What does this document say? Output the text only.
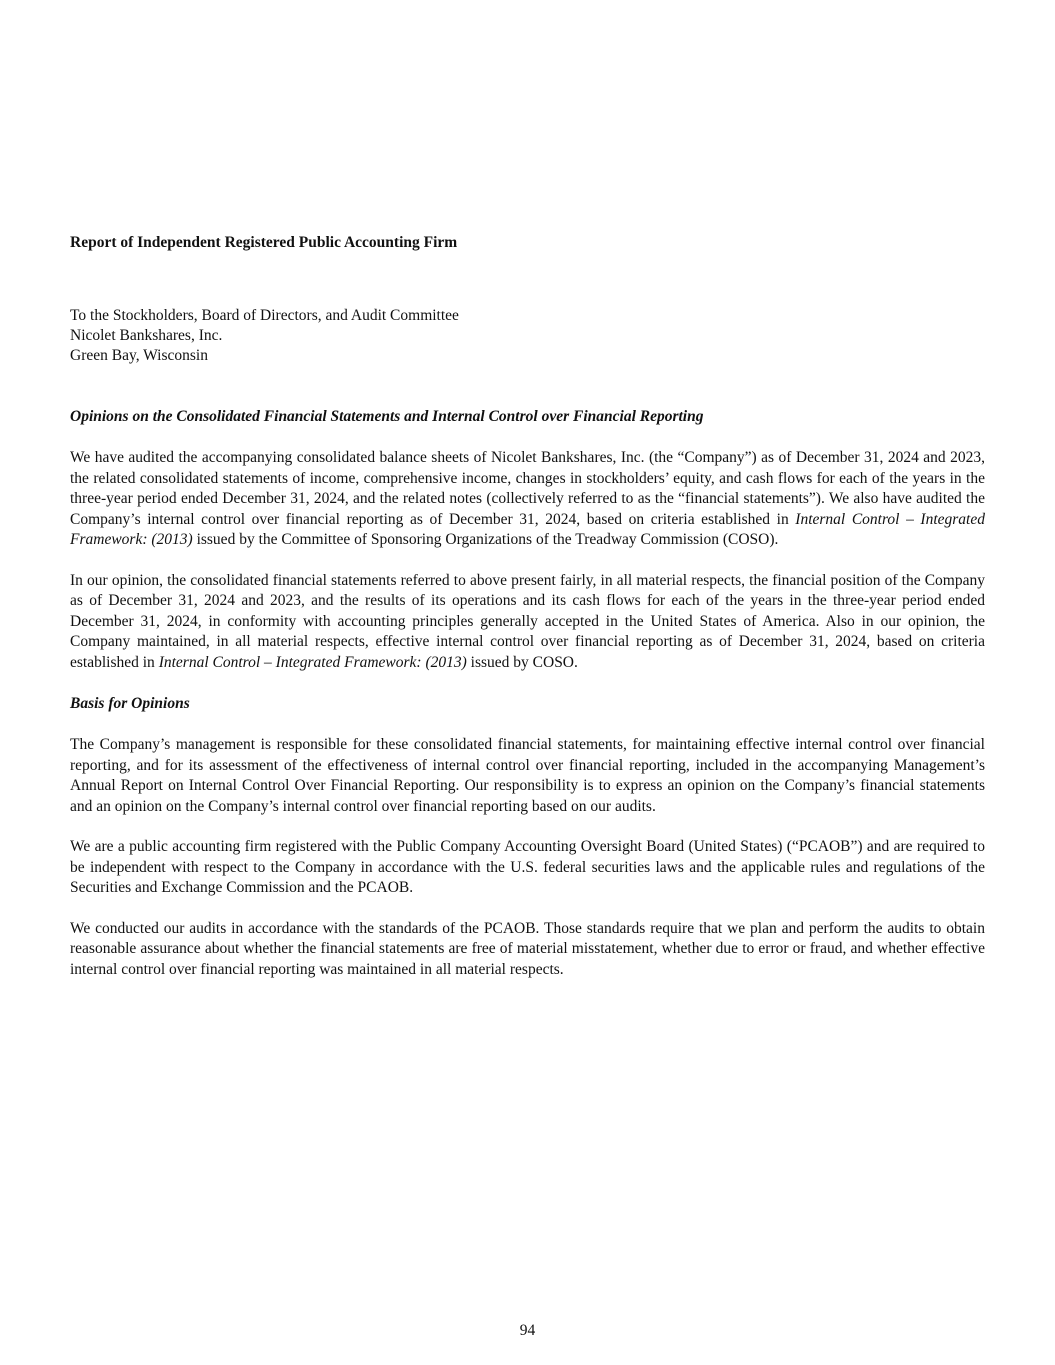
Report of Independent Registered Public Accounting Firm
To the Stockholders, Board of Directors, and Audit Committee
Nicolet Bankshares, Inc.
Green Bay, Wisconsin
Opinions on the Consolidated Financial Statements and Internal Control over Financial Reporting

We have audited the accompanying consolidated balance sheets of Nicolet Bankshares, Inc. (the “Company”) as of December 31, 2024 and 2023, the related consolidated statements of income, comprehensive income, changes in stockholders’ equity, and cash flows for each of the years in the three-year period ended December 31, 2024, and the related notes (collectively referred to as the “financial statements”). We also have audited the Company’s internal control over financial reporting as of December 31, 2024, based on criteria established in Internal Control – Integrated Framework: (2013) issued by the Committee of Sponsoring Organizations of the Treadway Commission (COSO).

In our opinion, the consolidated financial statements referred to above present fairly, in all material respects, the financial position of the Company as of December 31, 2024 and 2023, and the results of its operations and its cash flows for each of the years in the three-year period ended December 31, 2024, in conformity with accounting principles generally accepted in the United States of America. Also in our opinion, the Company maintained, in all material respects, effective internal control over financial reporting as of December 31, 2024, based on criteria established in Internal Control – Integrated Framework: (2013) issued by COSO.

Basis for Opinions

The Company’s management is responsible for these consolidated financial statements, for maintaining effective internal control over financial reporting, and for its assessment of the effectiveness of internal control over financial reporting, included in the accompanying Management’s Annual Report on Internal Control Over Financial Reporting. Our responsibility is to express an opinion on the Company’s financial statements and an opinion on the Company’s internal control over financial reporting based on our audits.

We are a public accounting firm registered with the Public Company Accounting Oversight Board (United States) (“PCAOB”) and are required to be independent with respect to the Company in accordance with the U.S. federal securities laws and the applicable rules and regulations of the Securities and Exchange Commission and the PCAOB.

We conducted our audits in accordance with the standards of the PCAOB. Those standards require that we plan and perform the audits to obtain reasonable assurance about whether the financial statements are free of material misstatement, whether due to error or fraud, and whether effective internal control over financial reporting was maintained in all material respects.

94
